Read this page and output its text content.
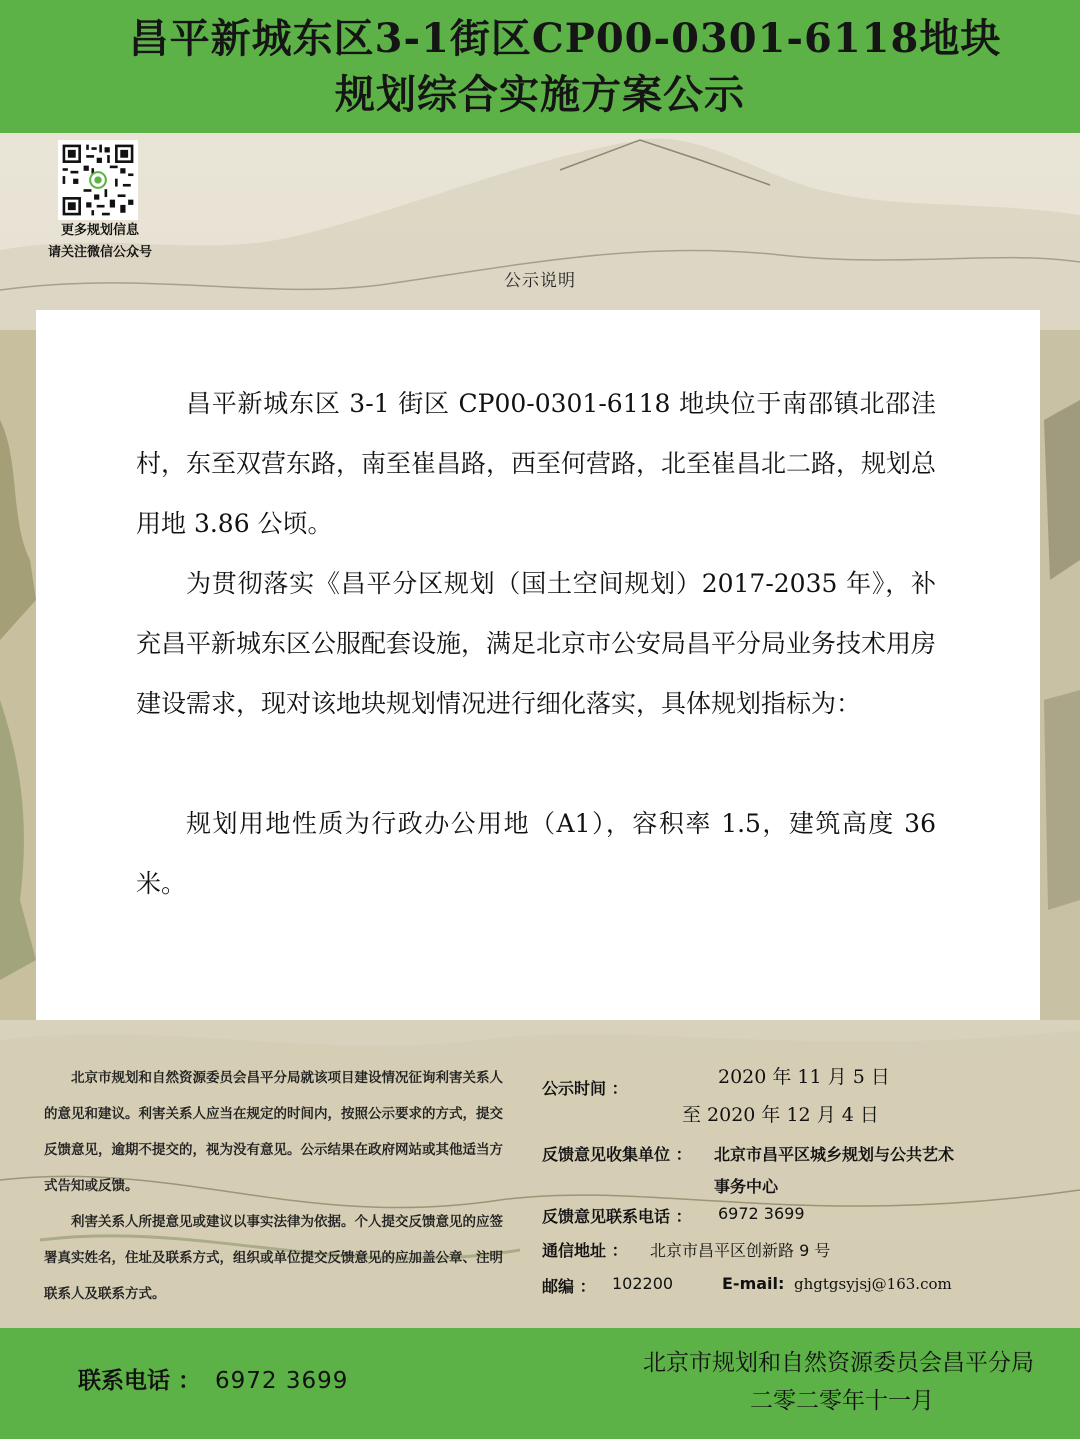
昌平新城东区3-1街区CP00-0301-6118地块
规划综合实施方案公示
更多规划信息
请关注微信公众号
公示说明

昌平新城东区 3-1 街区 CP00-0301-6118 地块位于南邵镇北邵洼村，东至双营东路，南至崔昌路，西至何营路，北至崔昌北二路，规划总用地 3.86 公顷。

为贯彻落实《昌平分区规划（国土空间规划）2017-2035 年》，补充昌平新城东区公服配套设施，满足北京市公安局昌平分局业务技术用房建设需求，现对该地块规划情况进行细化落实，具体规划指标为：

规划用地性质为行政办公用地（A1），容积率 1.5，建筑高度 36 米。

北京市规划和自然资源委员会昌平分局就该项目建设情况征询利害关系人的意见和建议。利害关系人应当在规定的时间内，按照公示要求的方式，提交反馈意见，逾期不提交的，视为没有意见。公示结果在政府网站或其他适当方式告知或反馈。

利害关系人所提意见或建议以事实法律为依据。个人提交反馈意见的应签署真实姓名，住址及联系方式，组织或单位提交反馈意见的应加盖公章、注明联系人及联系方式。

公示时间 ：
2020 年 11 月 5 日
至 2020 年 12 月 4 日
反馈意见收集单位 ： 北京市昌平区城乡规划与公共艺术
事务中心
反馈意见联系电话 ： 6972 3699
通信地址 ： 北京市昌平区创新路 9 号
邮编 ： 102200	E-mail: ghgtgsyjsj@163.com
联系电话 ： 6972 3699
北京市规划和自然资源委员会昌平分局
二零二零年十一月
